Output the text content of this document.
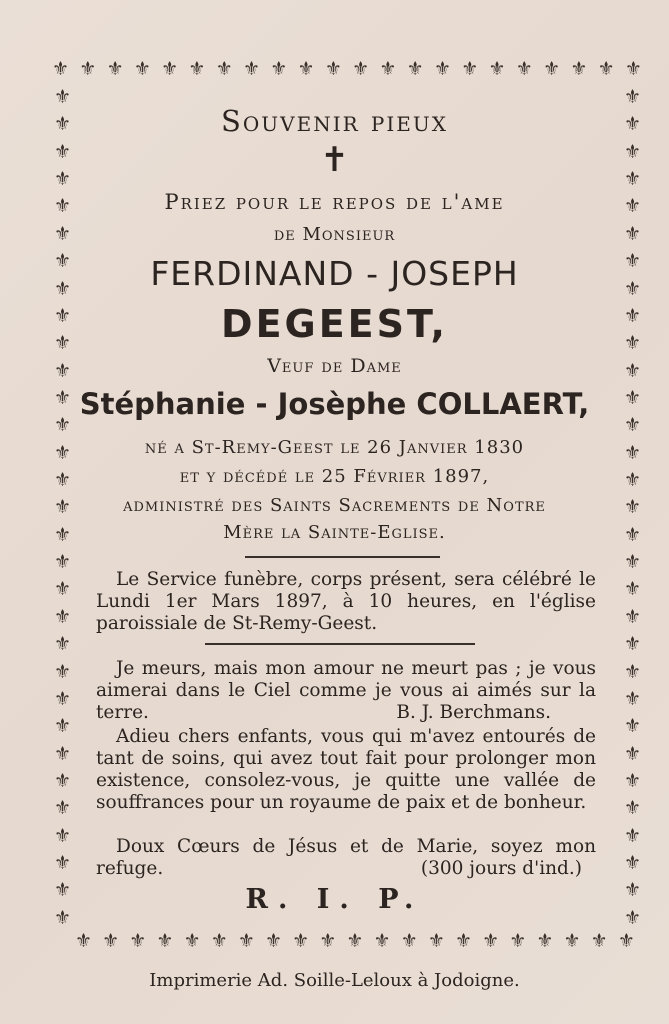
⚜ ⚜ ⚜ ⚜ ⚜ ⚜ ⚜ ⚜ ⚜ ⚜ ⚜ ⚜ ⚜ ⚜ ⚜ ⚜ ⚜ ⚜ ⚜ ⚜ ⚜ ⚜
⚜ ⚜ ⚜ ⚜ ⚜ ⚜ ⚜ ⚜ ⚜ ⚜ ⚜ ⚜ ⚜ ⚜ ⚜ ⚜ ⚜ ⚜ ⚜ ⚜ ⚜
⚜
⚜
⚜
⚜
⚜
⚜
⚜
⚜
⚜
⚜
⚜
⚜
⚜
⚜
⚜
⚜
⚜
⚜
⚜
⚜
⚜
⚜
⚜
⚜
⚜
⚜
⚜
⚜
⚜
⚜
⚜
⚜
⚜
⚜
⚜
⚜
⚜
⚜
⚜
⚜
⚜
⚜
⚜
⚜
⚜
⚜
⚜
⚜
⚜
⚜
⚜
⚜
⚜
⚜
⚜
⚜
⚜
⚜
⚜
⚜
⚜
⚜
Souvenir pieux
✝
Priez pour le repos de l'ame
de Monsieur
FERDINAND - JOSEPH
DEGEEST,
Veuf de Dame
Stéphanie - Josèphe COLLAERT,
né a St-Remy-Geest le 26 Janvier 1830
et y décédé le 25 Février 1897,
administré des Saints Sacrements de Notre
Mère la Sainte-Eglise.
Le Service funèbre, corps présent, sera célébré le Lundi 1er Mars 1897, à 10 heures, en l'église paroissiale de St-Remy-Geest.
Je meurs, mais mon amour ne meurt pas ; je vous aimerai dans le Ciel comme je vous ai aimés sur la terre.	B. J. Berchmans.
Adieu chers enfants, vous qui m'avez entourés de tant de soins, qui avez tout fait pour prolonger mon existence, consolez-vous, je quitte une vallée de souffrances pour un royaume de paix et de bonheur.
Doux Cœurs de Jésus et de Marie, soyez mon refuge.	(300 jours d'ind.)
R. I. P.
Imprimerie Ad. Soille-Leloux à Jodoigne.
